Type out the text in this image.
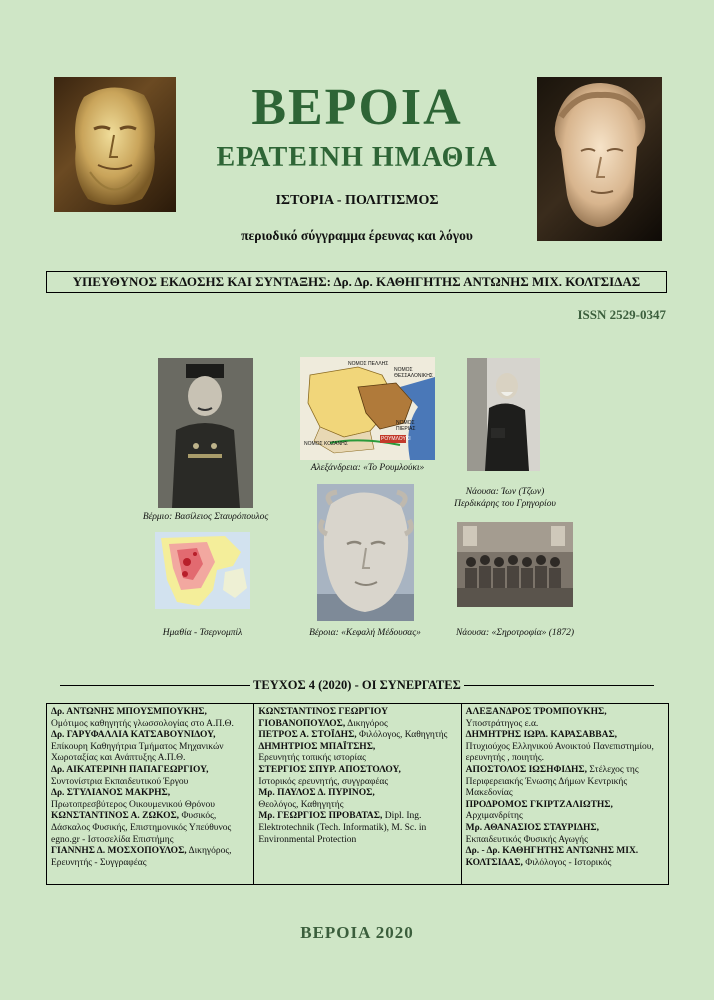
ΒΕΡΟΙΑ
ΕΡΑΤΕΙΝΗ ΗΜΑΘΙΑ
ΙΣΤΟΡΙΑ - ΠΟΛΙΤΙΣΜΟΣ
περιοδικό σύγγραμμα έρευνας και λόγου
ΥΠΕΥΘΥΝΟΣ ΕΚΔΟΣΗΣ ΚΑΙ ΣΥΝΤΑΞΗΣ: Δρ. Δρ. ΚΑΘΗΓΗΤΗΣ ΑΝΤΩΝΗΣ ΜΙΧ. ΚΟΛΤΣΙΔΑΣ
ISSN 2529-0347
Βέρμιο: Βασίλειος Σταυρόπουλος
ΝΟΜΟΣ ΠΕΛΛΗΣ
ΝΟΜΟΣ ΘΕΣΣΑΛΟΝΙΚΗΣ
ΝΟΜΟΣ ΚΟΖΑΝΗΣ
ΝΟΜΟΣ ΠΙΕΡΙΑΣ
ΡΟΥΜΛΟΥΚΙ
Αλεξάνδρεια: «Το Ρουμλούκι»
Νάουσα: Ίων (Τζων)
Περδικάρης του Γρηγορίου
Ημαθία - Τσερνομπίλ	Βέροια: «Κεφαλή Μέδουσας»	Νάουσα: «Σηροτροφία» (1872)
ΤΕΥΧΟΣ 4 (2020) - ΟΙ ΣΥΝΕΡΓΑΤΕΣ
Δρ. ΑΝΤΩΝΗΣ ΜΠΟΥΣΜΠΟΥΚΗΣ,
Ομότιμος καθηγητής γλωσσολογίας στο Α.Π.Θ.
Δρ. ΓΑΡΥΦΑΛΛΙΑ ΚΑΤΣΑΒΟΥΝΙΔΟΥ,
Επίκουρη Καθηγήτρια Τμήματος Μηχανικών Χωροταξίας και Ανάπτυξης Α.Π.Θ.
Δρ. ΑΙΚΑΤΕΡΙΝΗ ΠΑΠΑΓΕΩΡΓΙΟΥ,
Συντονίστρια Εκπαιδευτικού Έργου
Δρ. ΣΤΥΛΙΑΝΟΣ ΜΑΚΡΗΣ,
Πρωτοπρεσβύτερος Οικουμενικού Θρόνου
ΚΩΝΣΤΑΝΤΙΝΟΣ Α. ΖΩΚΟΣ, Φυσικός, Δάσκαλος Φυσικής, Επιστημονικός Υπεύθυνος egno.gr - Ιστοσελίδα Επιστήμης
ΓΙΑΝΝΗΣ Δ. ΜΟΣΧΟΠΟΥΛΟΣ, Δικηγόρος, Ερευνητής - Συγγραφέας
ΚΩΝΣΤΑΝΤΙΝΟΣ ΓΕΩΡΓΙΟΥ ΓΙΟΒΑΝΟΠΟΥΛΟΣ, Δικηγόρος
ΠΕΤΡΟΣ Α. ΣΤΟΪΔΗΣ, Φιλόλογος, Καθηγητής
ΔΗΜΗΤΡΙΟΣ ΜΠΑΪΤΣΗΣ,
Ερευνητής τοπικής ιστορίας
ΣΤΕΡΓΙΟΣ ΣΠΥΡ. ΑΠΟΣΤΟΛΟΥ,
Ιστορικός ερευνητής, συγγραφέας
Μρ. ΠΑΥΛΟΣ Δ. ΠΥΡΙΝΟΣ,
Θεολόγος, Καθηγητής
Μρ. ΓΕΩΡΓΙΟΣ ΠΡΟΒΑΤΑΣ, Dipl. Ing. Elektrotechnik (Tech. Informatik), M. Sc. in Environmental Protection
ΑΛΕΞΑΝΔΡΟΣ ΤΡΟΜΠΟΥΚΗΣ,
Υποστράτηγος ε.α.
ΔΗΜΗΤΡΗΣ ΙΩΡΔ. ΚΑΡΑΣΑΒΒΑΣ,
Πτυχιούχος Ελληνικού Ανοικτού Πανεπιστημίου, ερευνητής , ποιητής.
ΑΠΟΣΤΟΛΟΣ ΙΩΣΗΦΙΔΗΣ, Στέλεχος της Περιφερειακής Ένωσης Δήμων Κεντρικής Μακεδονίας
ΠΡΟΔΡΟΜΟΣ ΓΚΙΡΤΖΑΛΙΩΤΗΣ,
Αρχιμανδρίτης
Μρ. ΑΘΑΝΑΣΙΟΣ ΣΤΑΥΡΙΔΗΣ,
Εκπαιδευτικός Φυσικής Αγωγής
Δρ. - Δρ. ΚΑΘΗΓΗΤΗΣ ΑΝΤΩΝΗΣ ΜΙΧ. ΚΟΛΤΣΙΔΑΣ, Φιλόλογος - Ιστορικός
ΒΕΡΟΙΑ 2020
